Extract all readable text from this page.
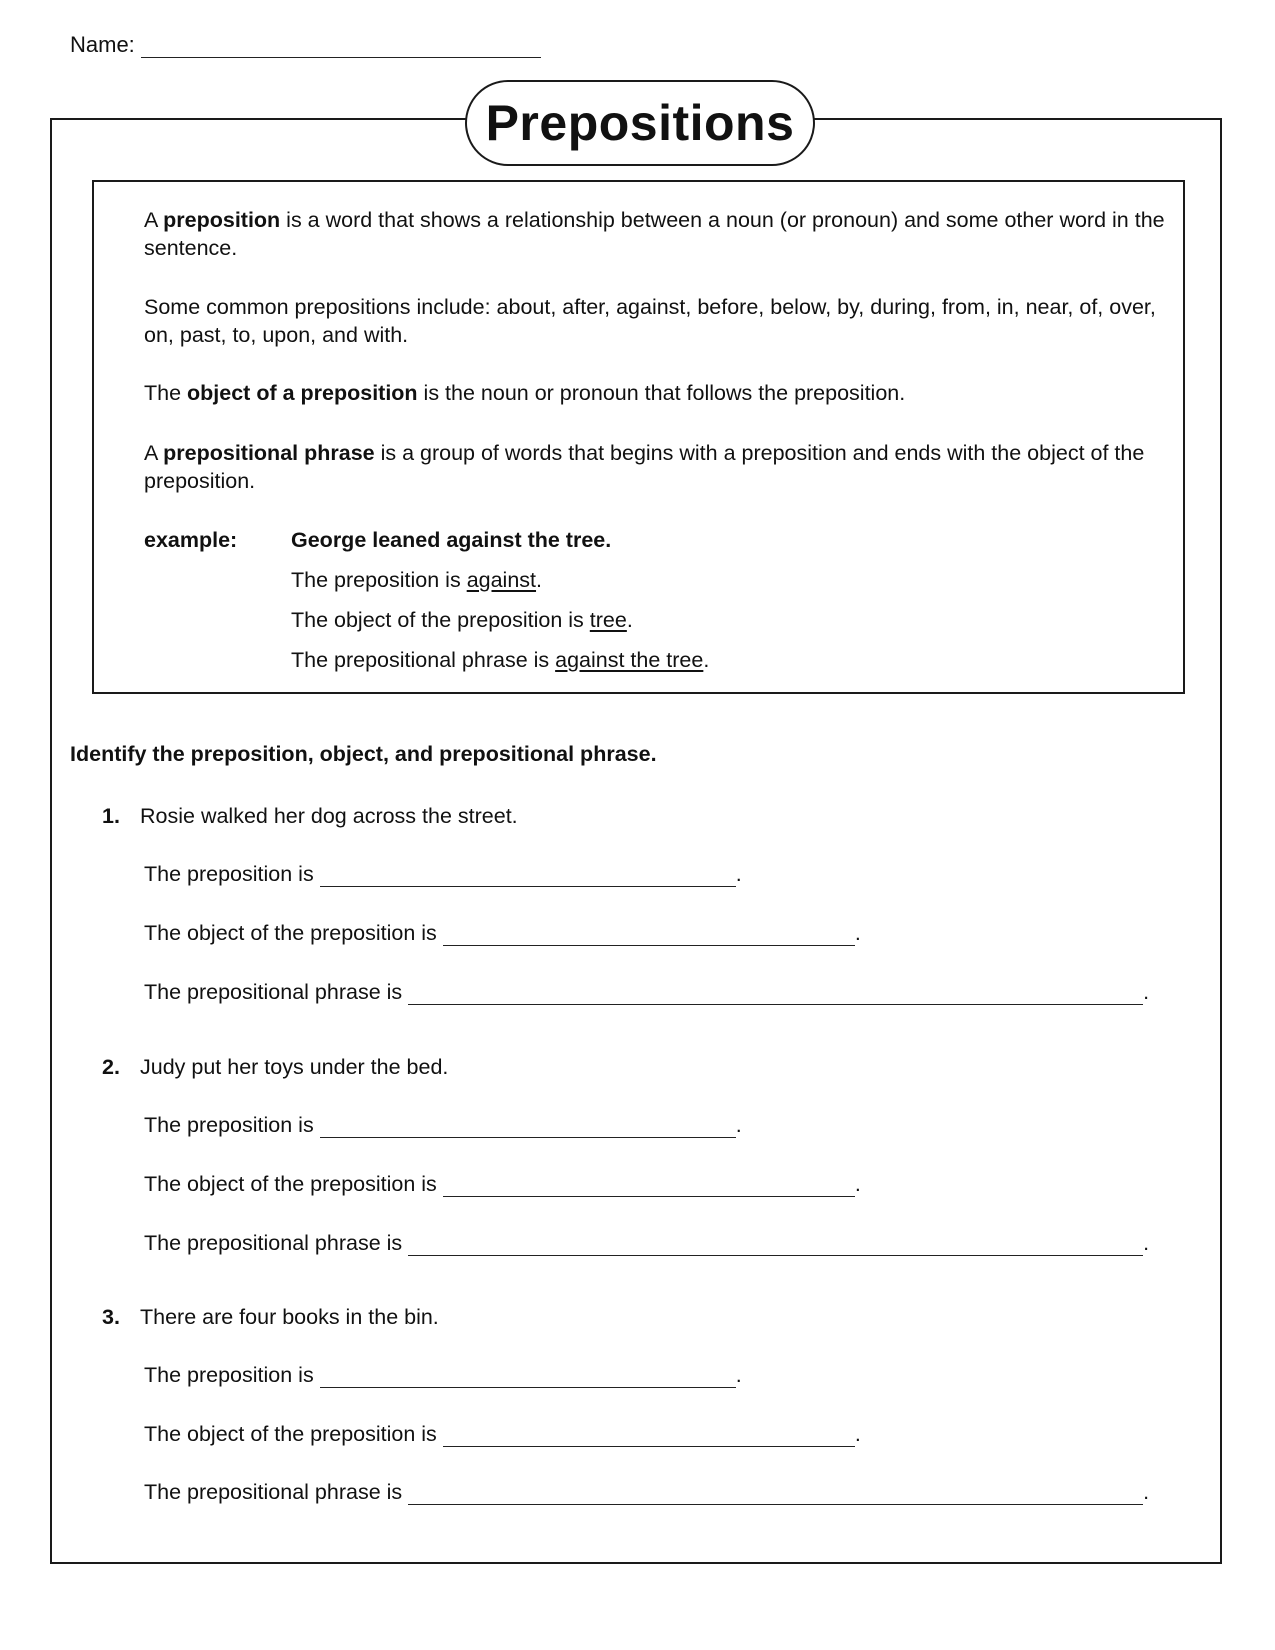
Name:
Prepositions
A preposition is a word that shows a relationship between a noun (or pronoun) and some other word in the sentence.
Some common prepositions include: about, after, against, before, below, by, during, from, in, near, of, over, on, past, to, upon, and with.
The object of a preposition is the noun or pronoun that follows the preposition.
A prepositional phrase is a group of words that begins with a preposition and ends with the object of the preposition.
example:	George leaned against the tree.
The preposition is against.
The object of the preposition is tree.
The prepositional phrase is against the tree.
Identify the preposition, object, and prepositional phrase.
1. Rosie walked her dog across the street.
The preposition is	.
The object of the preposition is	.
The prepositional phrase is	.
2. Judy put her toys under the bed.
The preposition is	.
The object of the preposition is	.
The prepositional phrase is	.
3. There are four books in the bin.
The preposition is	.
The object of the preposition is	.
The prepositional phrase is	.
